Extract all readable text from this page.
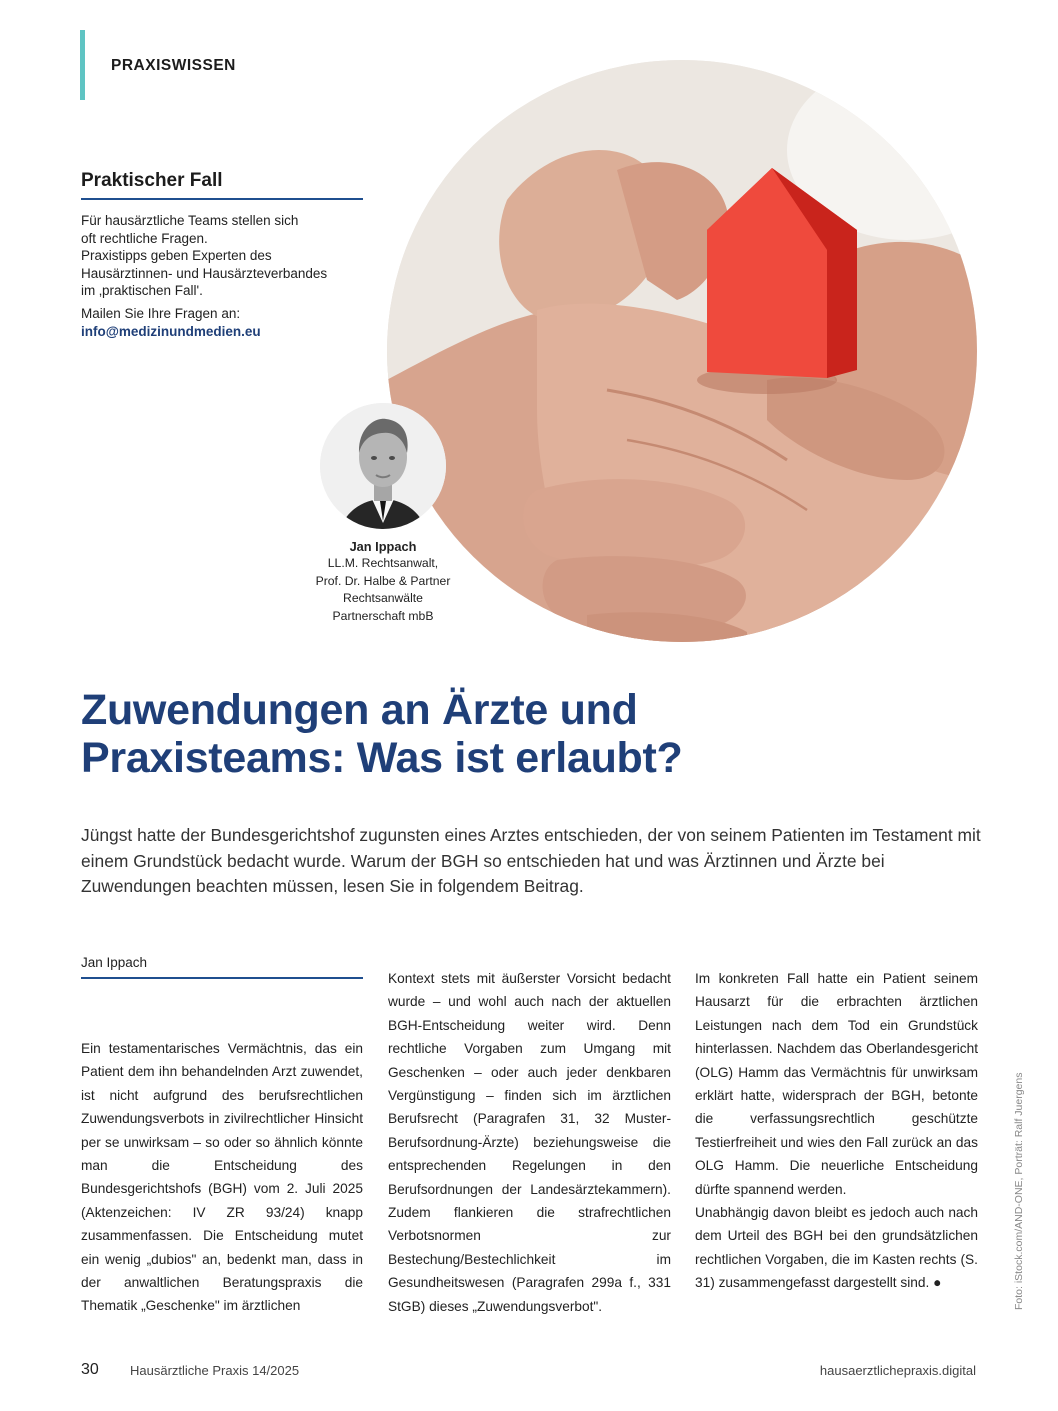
PRAXISWISSEN
Praktischer Fall

Für hausärztliche Teams stellen sich

oft rechtliche Fragen.

Praxistipps geben Experten des

Hausärztinnen- und Hausärzteverbandes

im ‚praktischen Fall'.

Mailen Sie Ihre Fragen an:

info@medizinundmedien.eu

Jan Ippach
LL.M. Rechtsanwalt,
Prof. Dr. Halbe & Partner
Rechtsanwälte
Partnerschaft mbB
Zuwendungen an Ärzte und
Praxisteams: Was ist erlaubt?

Jüngst hatte der Bundesgerichtshof zugunsten eines Arztes entschieden, der von seinem Patienten im Testament mit einem Grundstück bedacht wurde. Warum der BGH so entschieden hat und was Ärztinnen und Ärzte bei Zuwendungen beachten müssen, lesen Sie in folgendem Beitrag.

Jan Ippach

Ein testamentarisches Vermächtnis, das ein Patient dem ihn behandelnden Arzt zuwendet, ist nicht aufgrund des berufsrechtlichen Zuwendungsverbots in zivilrechtlicher Hinsicht per se unwirksam – so oder so ähnlich könnte man die Entscheidung des Bundesgerichtshofs (BGH) vom 2. Juli 2025 (Aktenzeichen: IV ZR 93/24) knapp zusammenfassen. Die Entscheidung mutet ein wenig „dubios" an, bedenkt man, dass in der anwaltlichen Beratungspraxis die Thematik „Geschenke" im ärztlichen

Kontext stets mit äußerster Vorsicht bedacht wurde – und wohl auch nach der aktuellen BGH-Entscheidung weiter wird. Denn rechtliche Vorgaben zum Umgang mit Geschenken – oder auch jeder denkbaren Vergünstigung – finden sich im ärztlichen Berufsrecht (Paragrafen 31, 32 Muster-Berufsordnung-Ärzte) beziehungsweise die entsprechenden Regelungen in den Berufsordnungen der Landesärztekammern). Zudem flankieren die strafrechtlichen Verbotsnormen zur Bestechung/Bestechlichkeit im Gesundheitswesen (Paragrafen 299a f., 331 StGB) dieses „Zuwendungsverbot".

Im konkreten Fall hatte ein Patient seinem Hausarzt für die erbrachten ärztlichen Leistungen nach dem Tod ein Grundstück hinterlassen. Nachdem das Oberlandesgericht (OLG) Hamm das Vermächtnis für unwirksam erklärt hatte, widersprach der BGH, betonte die verfassungsrechtlich geschützte Testierfreiheit und wies den Fall zurück an das OLG Hamm. Die neuerliche Entscheidung dürfte spannend werden.
Unabhängig davon bleibt es jedoch auch nach dem Urteil des BGH bei den grundsätzlichen rechtlichen Vorgaben, die im Kasten rechts (S. 31) zusammengefasst dargestellt sind. ●	Foto: iStock.com/AND-ONE, Porträt: Ralf Juergens
30 Hausärztliche Praxis 14/2025	hausaerztlichepraxis.digital
